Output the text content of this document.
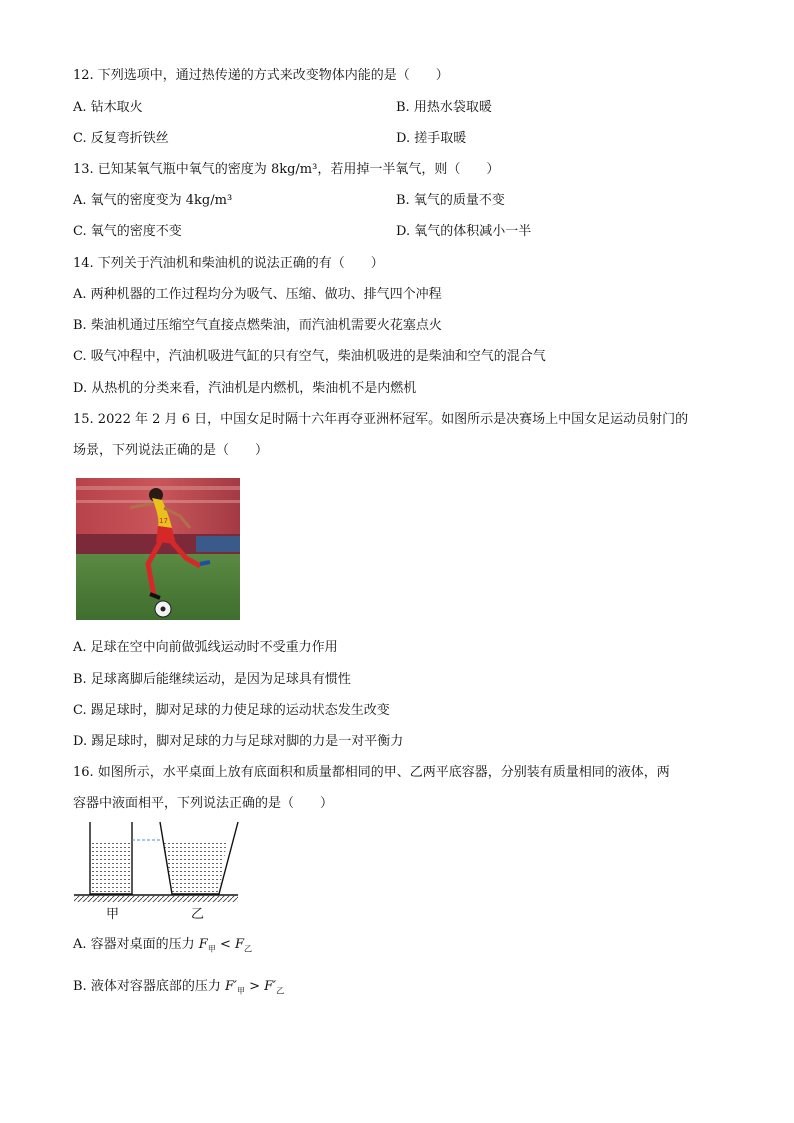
12. 下列选项中，通过热传递的方式来改变物体内能的是（　　）
A. 钻木取火	B. 用热水袋取暖
C. 反复弯折铁丝	D. 搓手取暖
13. 已知某氧气瓶中氧气的密度为 8kg/m³，若用掉一半氧气，则（　　）
A. 氧气的密度变为 4kg/m³	B. 氧气的质量不变
C. 氧气的密度不变	D. 氧气的体积减小一半
14. 下列关于汽油机和柴油机的说法正确的有（　　）
A. 两种机器的工作过程均分为吸气、压缩、做功、排气四个冲程
B. 柴油机通过压缩空气直接点燃柴油，而汽油机需要火花塞点火
C. 吸气冲程中，汽油机吸进气缸的只有空气，柴油机吸进的是柴油和空气的混合气
D. 从热机的分类来看，汽油机是内燃机，柴油机不是内燃机
15. 2022 年 2 月 6 日，中国女足时隔十六年再夺亚洲杯冠军。如图所示是决赛场上中国女足运动员射门的
场景，下列说法正确的是（　　）
17
A. 足球在空中向前做弧线运动时不受重力作用
B. 足球离脚后能继续运动，是因为足球具有惯性
C. 踢足球时，脚对足球的力使足球的运动状态发生改变
D. 踢足球时，脚对足球的力与足球对脚的力是一对平衡力
16. 如图所示，水平桌面上放有底面积和质量都相同的甲、乙两平底容器，分别装有质量相同的液体，两
容器中液面相平，下列说法正确的是（　　）
甲	乙
A. 容器对桌面的压力 $F_甲 < F_乙$
B. 液体对容器底部的压力 $F'_甲 > F'_乙$
